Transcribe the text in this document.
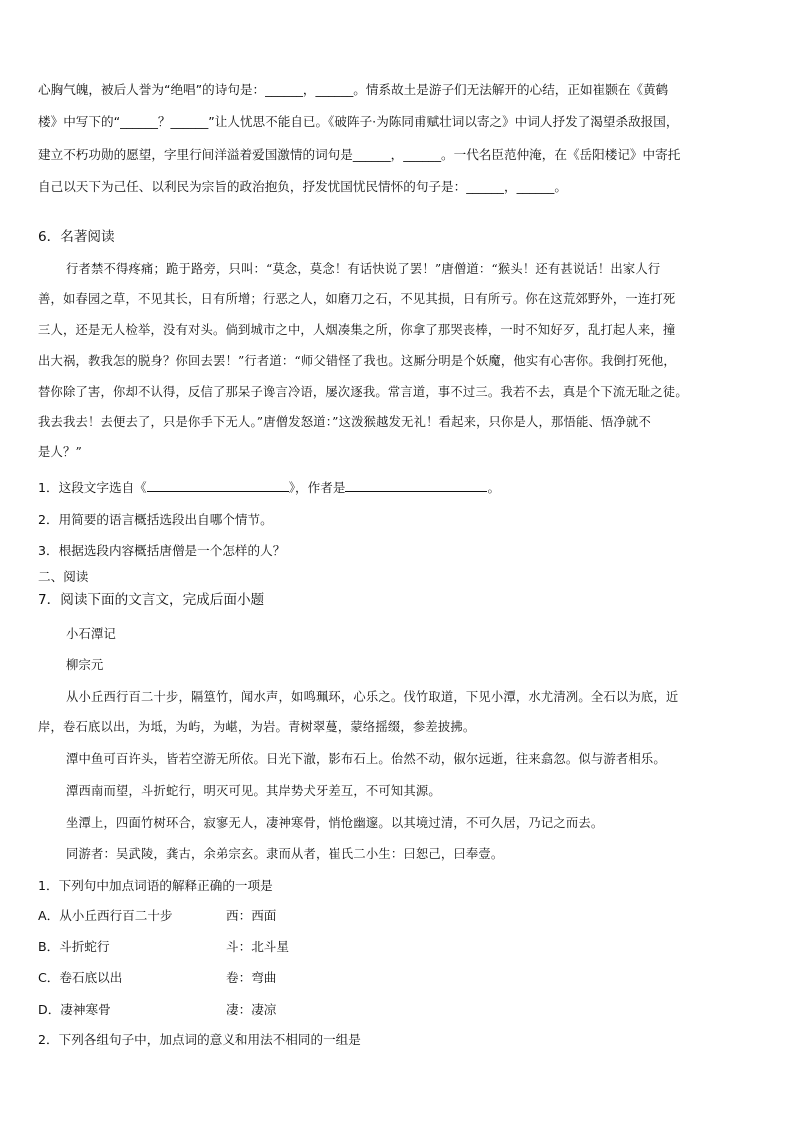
心胸气魄，被后人誉为“绝唱”的诗句是：______，______。情系故土是游子们无法解开的心结，正如崔颢在《黄鹤
楼》中写下的“______？______”让人忧思不能自已。《破阵子·为陈同甫赋壮词以寄之》中词人抒发了渴望杀敌报国，
建立不朽功勋的愿望，字里行间洋溢着爱国激情的词句是______，______。一代名臣范仲淹，在《岳阳楼记》中寄托
自己以天下为己任、以利民为宗旨的政治抱负，抒发忧国忧民情怀的句子是：______，______。
6．名著阅读
行者禁不得疼痛；跪于路旁，只叫：“莫念，莫念！有话快说了罢！”唐僧道：“猴头！还有甚说话！出家人行
善，如春园之草，不见其长，日有所增；行恶之人，如磨刀之石，不见其损，日有所亏。你在这荒郊野外，一连打死
三人，还是无人检举，没有对头。倘到城市之中，人烟凑集之所，你拿了那哭丧棒，一时不知好歹，乱打起人来，撞
出大祸，教我怎的脱身？你回去罢！”行者道：“师父错怪了我也。这厮分明是个妖魔，他实有心害你。我倒打死他，
替你除了害，你却不认得，反信了那呆子谗言冷语，屡次逐我。常言道，事不过三。我若不去，真是个下流无耻之徒。
我去我去！去便去了，只是你手下无人。”唐僧发怒道：”这泼猴越发无礼！看起来，只你是人，那悟能、悟净就不
是人？”
1．这段文字选自《	》，作者是	。
2．用简要的语言概括选段出自哪个情节。
3．根据选段内容概括唐僧是一个怎样的人？
二、阅读
7．阅读下面的文言文，完成后面小题
小石潭记
柳宗元
从小丘西行百二十步，隔篁竹，闻水声，如鸣珮环，心乐之。伐竹取道，下见小潭，水尤清冽。全石以为底，近
岸，卷石底以出，为坻，为屿，为嵁，为岩。青树翠蔓，蒙络摇缀，参差披拂。
潭中鱼可百许头，皆若空游无所依。日光下澈，影布石上。佁然不动，俶尔远逝，往来翕忽。似与游者相乐。
潭西南而望，斗折蛇行，明灭可见。其岸势犬牙差互，不可知其源。
坐潭上，四面竹树环合，寂寥无人，凄神寒骨，悄怆幽邃。以其境过清，不可久居，乃记之而去。
同游者：吴武陵，龚古，余弟宗玄。隶而从者，崔氏二小生：曰恕己，曰奉壹。
1．下列句中加点词语的解释正确的一项是
A．从小丘西行百二十步	西：西面
B．斗折蛇行	斗：北斗星
C．卷石底以出	卷：弯曲
D．凄神寒骨	凄：凄凉
2．下列各组句子中，加点词的意义和用法不相同的一组是
